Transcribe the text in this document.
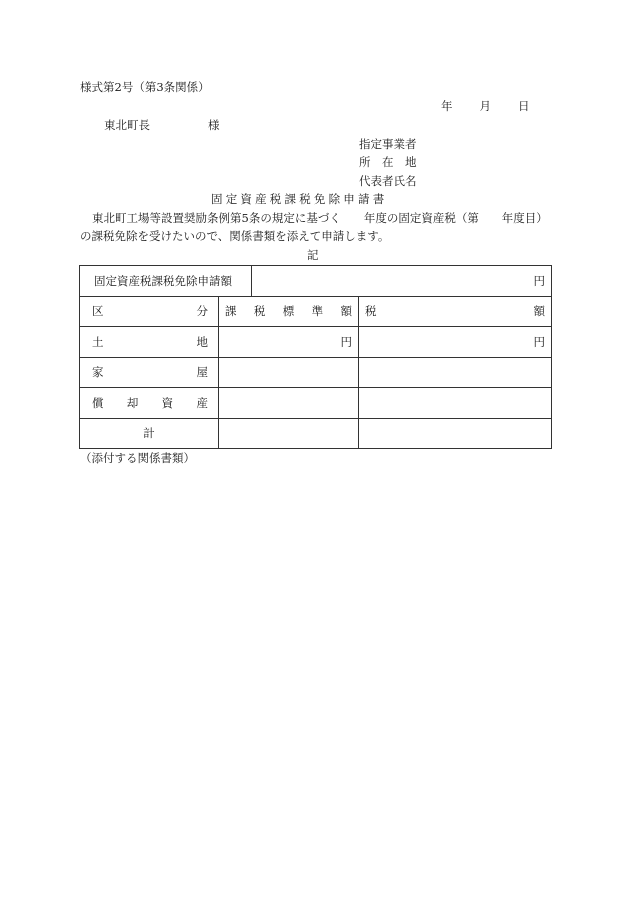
様式第2号（第3条関係）
年 月 日
東北町長	様
指定事業者
所　在　地
代表者氏名
固定資産税課税免除申請書
東北町工場等設置奨励条例第5条の規定に基づく　　年度の固定資産税（第　　年度目）
の課税免除を受けたいので、関係書類を添えて申請します。
記
固定資産税課税免除申請額		円	

区 分	課 税 標 準 額		税 額

土 地	円		円

家 屋			

償 却 資 産			

計			
（添付する関係書類）
